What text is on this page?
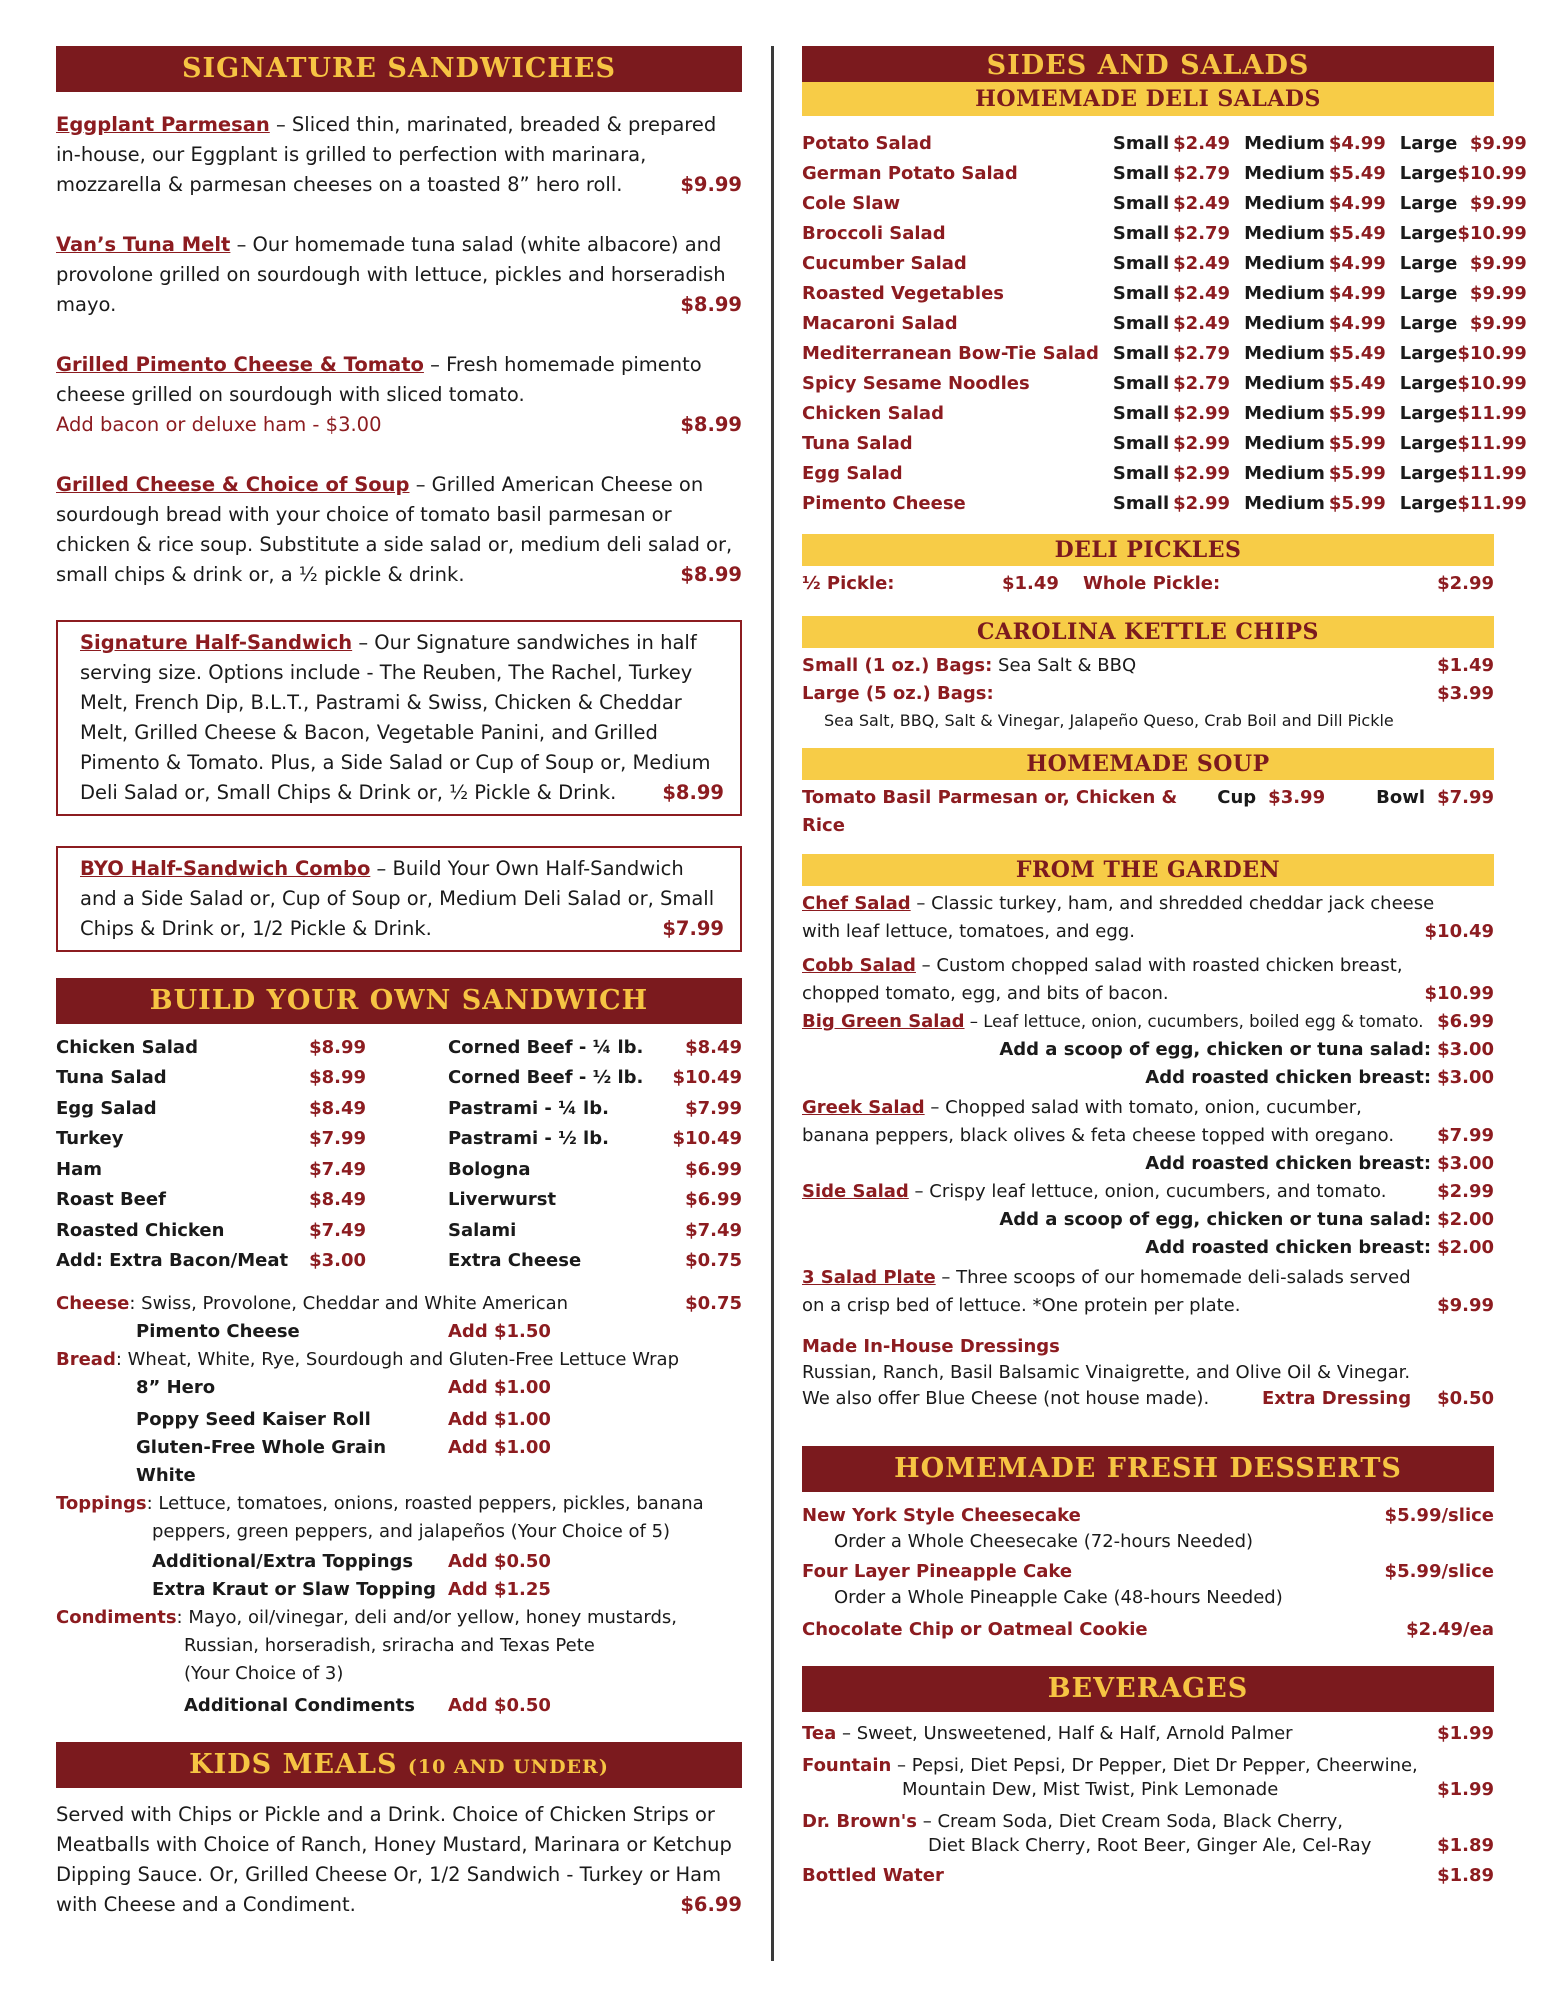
SIGNATURE SANDWICHES
Eggplant Parmesan – Sliced thin, marinated, breaded & prepared in-house, our Eggplant is grilled to perfection with marinara, mozzarella & parmesan cheeses on a toasted 8” hero roll.	$9.99
Van’s Tuna Melt – Our homemade tuna salad (white albacore) and provolone grilled on sourdough with lettuce, pickles and horseradish mayo.	$8.99
Grilled Pimento Cheese & Tomato – Fresh homemade pimento cheese grilled on sourdough with sliced tomato.
Add bacon or deluxe ham - $3.00	$8.99
Grilled Cheese & Choice of Soup – Grilled American Cheese on sourdough bread with your choice of tomato basil parmesan or chicken & rice soup. Substitute a side salad or, medium deli salad or, small chips & drink or, a ½ pickle & drink.	$8.99
Signature Half-Sandwich – Our Signature sandwiches in half serving size. Options include - The Reuben, The Rachel, Turkey Melt, French Dip, B.L.T., Pastrami & Swiss, Chicken & Cheddar Melt, Grilled Cheese & Bacon, Vegetable Panini, and Grilled Pimento & Tomato. Plus, a Side Salad or Cup of Soup or, Medium Deli Salad or, Small Chips & Drink or, ½ Pickle & Drink. $8.99
BYO Half-Sandwich Combo – Build Your Own Half-Sandwich and a Side Salad or, Cup of Soup or, Medium Deli Salad or, Small Chips & Drink or, 1/2 Pickle & Drink.	$7.99
BUILD YOUR OWN SANDWICH
Chicken Salad	$8.99	Corned Beef - ¼ lb.	$8.49
Tuna Salad	$8.99	Corned Beef - ½ lb.	$10.49
Egg Salad	$8.49	Pastrami - ¼ lb.	$7.99
Turkey	$7.99	Pastrami - ½ lb.	$10.49
Ham	$7.49	Bologna	$6.99
Roast Beef	$8.49	Liverwurst	$6.99
Roasted Chicken	$7.49	Salami	$7.49
Add: Extra Bacon/Meat	$3.00	Extra Cheese	$0.75
Cheese: Swiss, Provolone, Cheddar and White American	$0.75
Pimento Cheese	Add $1.50
Bread: Wheat, White, Rye, Sourdough and Gluten-Free Lettuce Wrap
8” Hero	Add $1.00
Poppy Seed Kaiser Roll	Add $1.00
Gluten-Free Whole Grain White
Add $1.00
Toppings: Lettuce, tomatoes, onions, roasted peppers, pickles, banana
peppers, green peppers, and jalapeños (Your Choice of 5)
Additional/Extra Toppings	Add $0.50
Extra Kraut or Slaw Topping Add $1.25
Condiments: Mayo, oil/vinegar, deli and/or yellow, honey mustards,
Russian, horseradish, sriracha and Texas Pete
(Your Choice of 3)
Additional Condiments	Add $0.50
KIDS MEALS (10 AND UNDER)
Served with Chips or Pickle and a Drink. Choice of Chicken Strips or Meatballs with Choice of Ranch, Honey Mustard, Marinara or Ketchup Dipping Sauce. Or, Grilled Cheese Or, 1/2 Sandwich - Turkey or Ham with Cheese and a Condiment.	$6.99
SIDES AND SALADS
HOMEMADE DELI SALADS
Potato Salad	Small	$2.49	Medium	$4.99	Large	$9.99
German Potato Salad	Small	$2.79	Medium	$5.49	Large	$10.99
Cole Slaw	Small	$2.49	Medium	$4.99	Large	$9.99
Broccoli Salad	Small	$2.79	Medium	$5.49	Large	$10.99
Cucumber Salad	Small	$2.49	Medium	$4.99	Large	$9.99
Roasted Vegetables	Small	$2.49	Medium	$4.99	Large	$9.99
Macaroni Salad	Small	$2.49	Medium	$4.99	Large	$9.99
Mediterranean Bow-Tie Salad	Small	$2.79	Medium	$5.49	Large	$10.99
Spicy Sesame Noodles	Small	$2.79	Medium	$5.49	Large	$10.99
Chicken Salad	Small	$2.99	Medium	$5.99	Large	$11.99
Tuna Salad	Small	$2.99	Medium	$5.99	Large	$11.99
Egg Salad	Small	$2.99	Medium	$5.99	Large	$11.99
Pimento Cheese	Small	$2.99	Medium	$5.99	Large	$11.99
DELI PICKLES
½ Pickle:	$1.49	Whole Pickle:	$2.99
CAROLINA KETTLE CHIPS
Small (1 oz.) Bags: Sea Salt & BBQ	$1.49
Large (5 oz.) Bags:	$3.99
Sea Salt, BBQ, Salt & Vinegar, Jalapeño Queso, Crab Boil and Dill Pickle
HOMEMADE SOUP
Tomato Basil Parmesan or, Chicken & Rice
Cup $3.99	Bowl $7.99
FROM THE GARDEN
Chef Salad – Classic turkey, ham, and shredded cheddar jack cheese
with leaf lettuce, tomatoes, and egg.	$10.49
Cobb Salad – Custom chopped salad with roasted chicken breast,
chopped tomato, egg, and bits of bacon.	$10.99
Big Green Salad – Leaf lettuce, onion, cucumbers, boiled egg & tomato. $6.99
Add a scoop of egg, chicken or tuna salad: $3.00
Add roasted chicken breast: $3.00
Greek Salad – Chopped salad with tomato, onion, cucumber,
banana peppers, black olives & feta cheese topped with oregano. $7.99
Add roasted chicken breast: $3.00
Side Salad – Crispy leaf lettuce, onion, cucumbers, and tomato.	$2.99
Add a scoop of egg, chicken or tuna salad: $2.00
Add roasted chicken breast: $2.00
3 Salad Plate – Three scoops of our homemade deli-salads served
on a crisp bed of lettuce. *One protein per plate.	$9.99
Made In-House Dressings
Russian, Ranch, Basil Balsamic Vinaigrette, and Olive Oil & Vinegar.
We also offer Blue Cheese (not house made).	Extra Dressing	$0.50
HOMEMADE FRESH DESSERTS
New York Style Cheesecake	$5.99/slice
Order a Whole Cheesecake (72-hours Needed)
Four Layer Pineapple Cake	$5.99/slice
Order a Whole Pineapple Cake (48-hours Needed)
Chocolate Chip or Oatmeal Cookie	$2.49/ea
BEVERAGES
Tea – Sweet, Unsweetened, Half & Half, Arnold Palmer	$1.99
Fountain – Pepsi, Diet Pepsi, Dr Pepper, Diet Dr Pepper, Cheerwine,
Mountain Dew, Mist Twist, Pink Lemonade	$1.99
Dr. Brown's – Cream Soda, Diet Cream Soda, Black Cherry,
Diet Black Cherry, Root Beer, Ginger Ale, Cel-Ray	$1.89
Bottled Water	$1.89
